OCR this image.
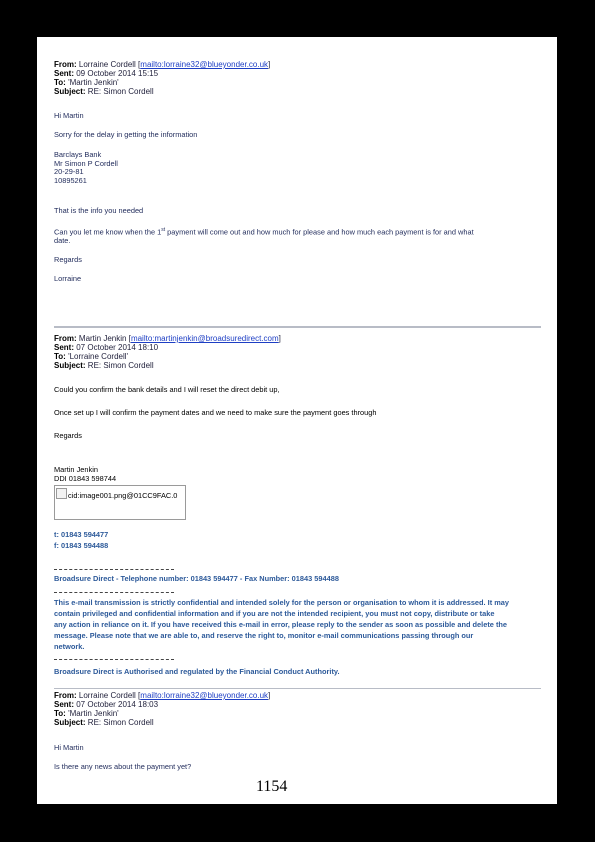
From: Lorraine Cordell [mailto:lorraine32@blueyonder.co.uk]
Sent: 09 October 2014 15:15
To: 'Martin Jenkin'
Subject: RE: Simon Cordell
Hi Martin
Sorry for the delay in getting the information
Barclays Bank
Mr Simon P Cordell
20-29-81
10895261
That is the info you needed
Can you let me know when the 1st payment will come out and how much for please and how much each payment is for and what
date.
Regards
Lorraine
From: Martin Jenkin [mailto:martinjenkin@broadsuredirect.com]
Sent: 07 October 2014 18:10
To: 'Lorraine Cordell'
Subject: RE: Simon Cordell
Could you confirm the bank details and I will reset the direct debit up,
Once set up I will confirm the payment dates and we need to make sure the payment goes through
Regards
Martin Jenkin
DDI 01843 598744
cid:image001.png@01CC9FAC.0
t: 01843 594477
f: 01843 594488
Broadsure Direct - Telephone number: 01843 594477 - Fax Number: 01843 594488
This e-mail transmission is strictly confidential and intended solely for the person or organisation to whom it is addressed. It may
contain privileged and confidential information and if you are not the intended recipient, you must not copy, distribute or take
any action in reliance on it. If you have received this e-mail in error, please reply to the sender as soon as possible and delete the
message. Please note that we are able to, and reserve the right to, monitor e-mail communications passing through our
network.
Broadsure Direct is Authorised and regulated by the Financial Conduct Authority.
From: Lorraine Cordell [mailto:lorraine32@blueyonder.co.uk]
Sent: 07 October 2014 18:03
To: 'Martin Jenkin'
Subject: RE: Simon Cordell
Hi Martin
Is there any news about the payment yet?
1154
